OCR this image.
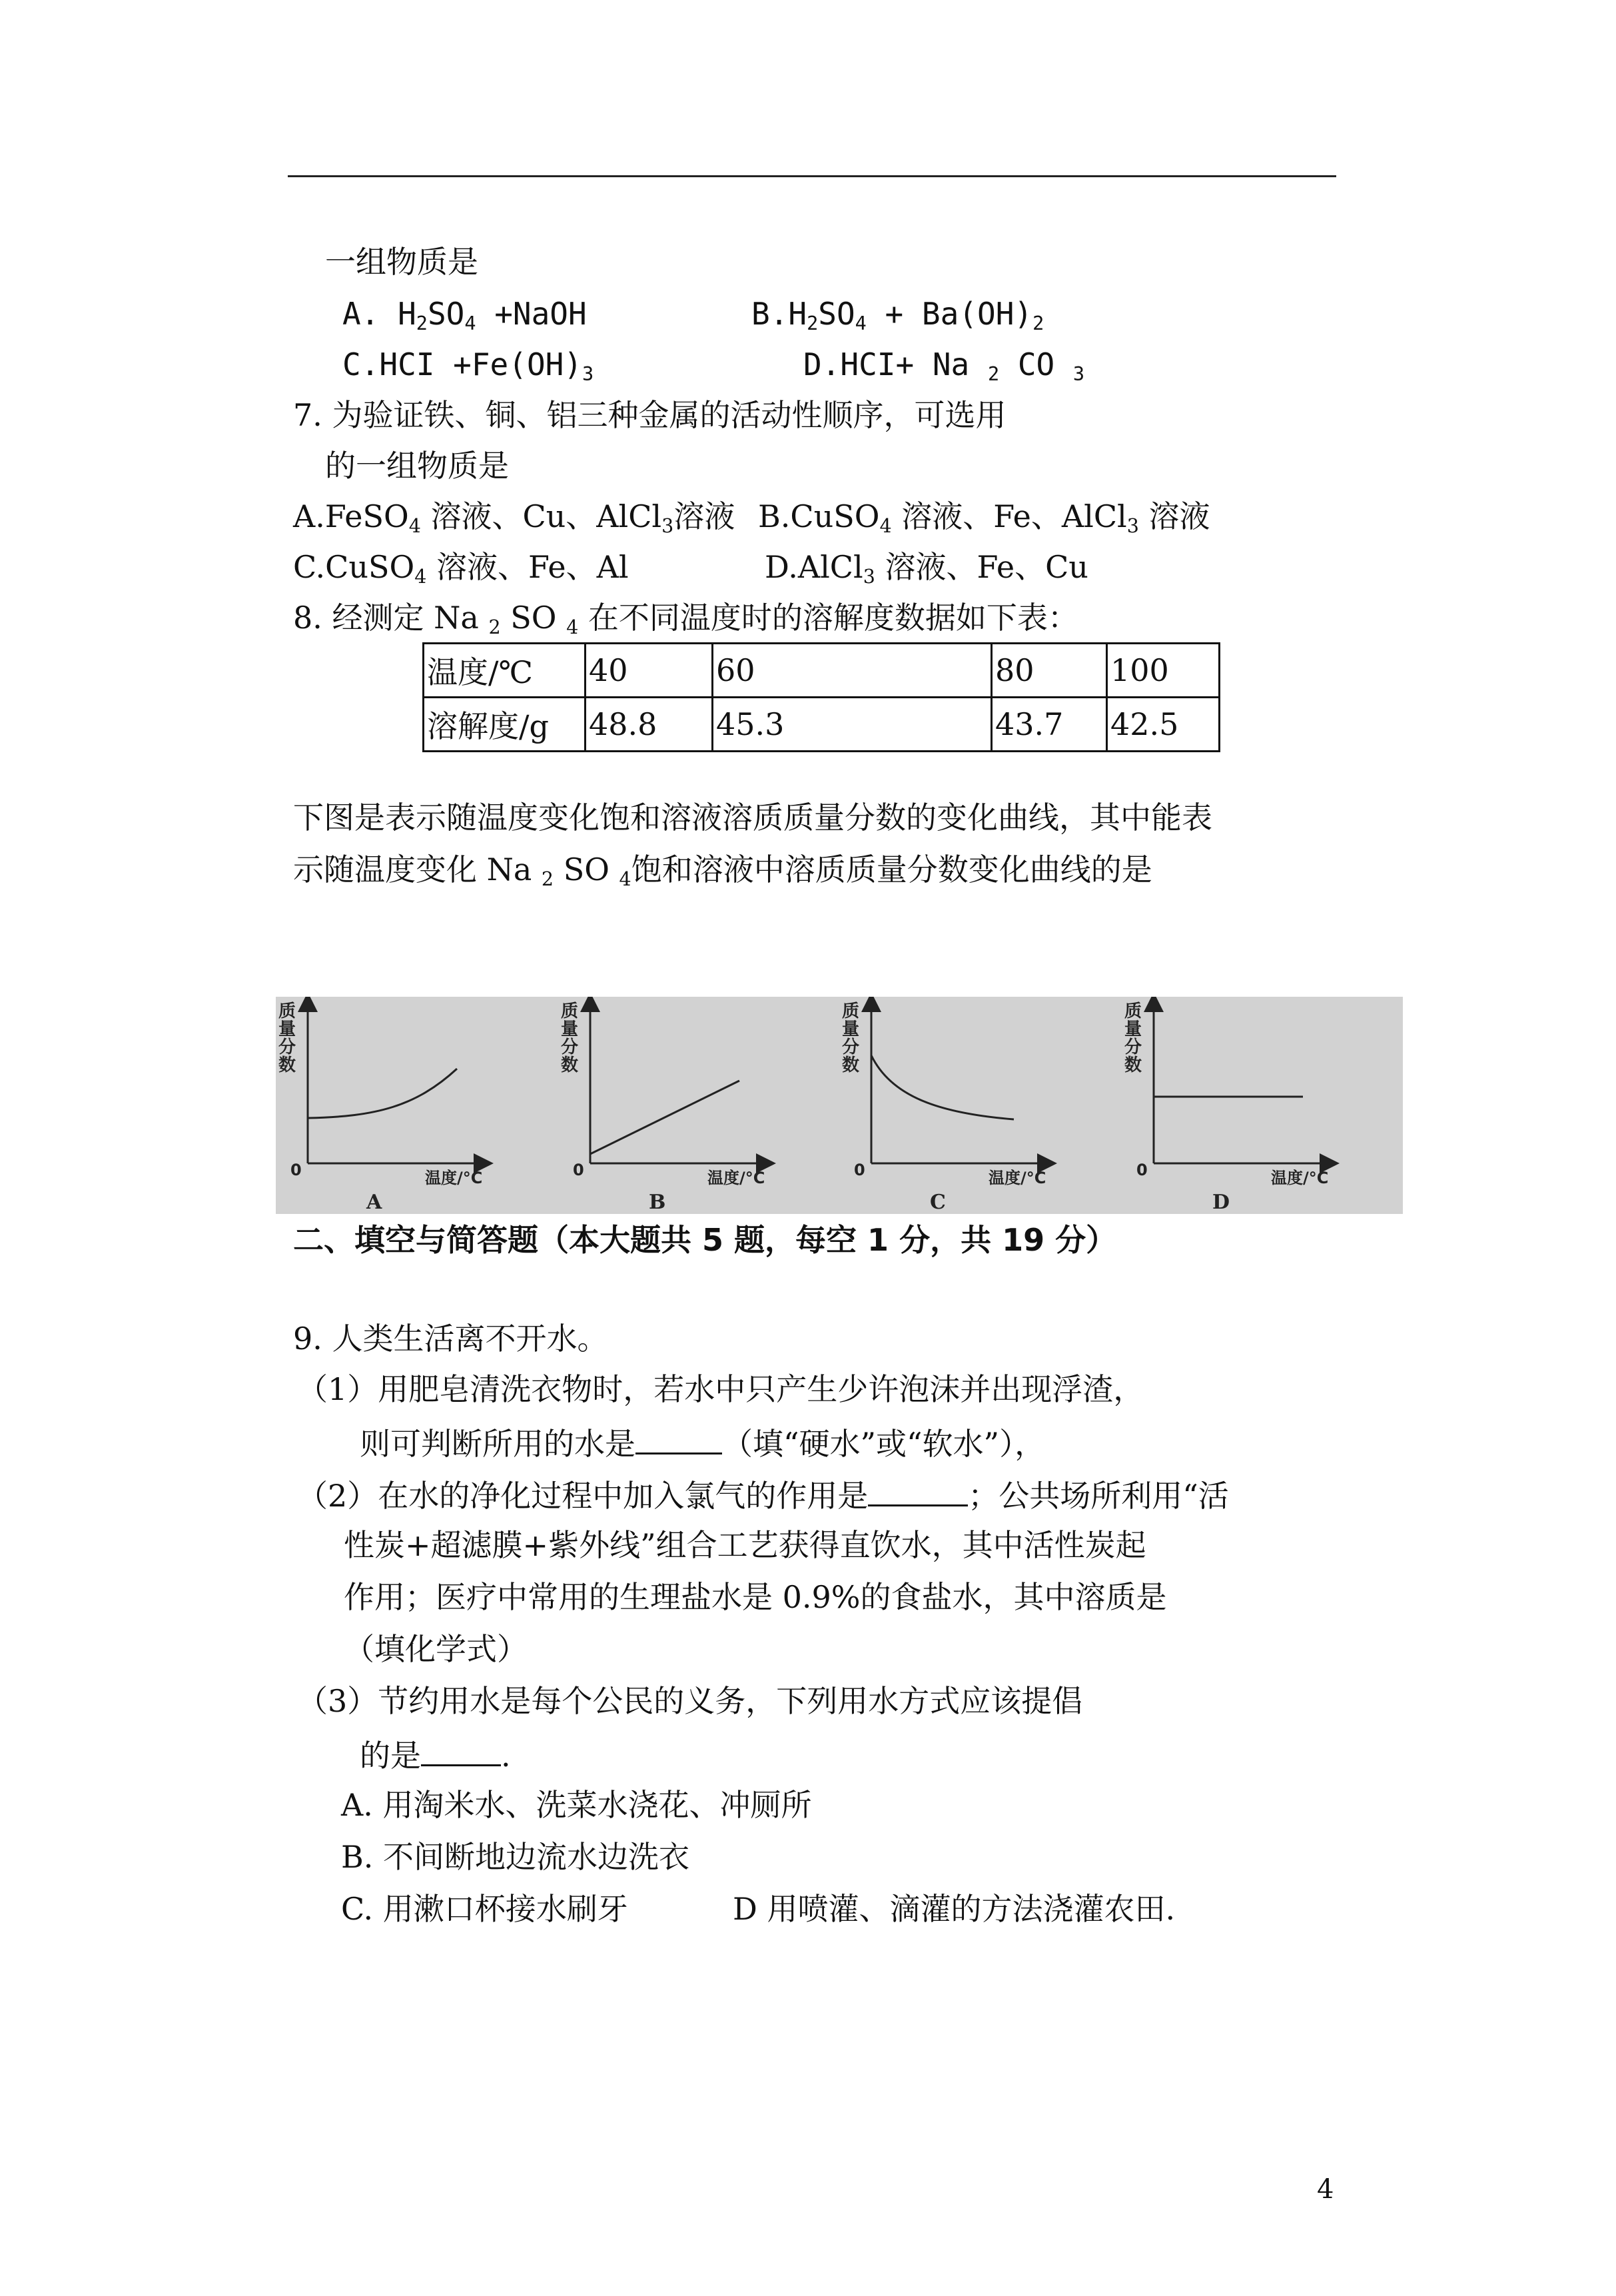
一组物质是
A. $H_2SO_4$ +NaOH	$B.H_2SO_4 + Ba(OH)_2$
$C.HCI +Fe(OH)_3$	D.HCI+ Na 2 CO 3
7. 为验证铁、铜、铝三种金属的活动性顺序，可选用
的一组物质是
A.FeSO$_4$ 溶液、Cu、AlCl$_3$溶液 B.CuSO$_4$ 溶液、Fe、AlCl$_3$ 溶液
C.CuSO$_4$ 溶液、Fe、Al	D.AlCl$_3$ 溶液、Fe、Cu
8. 经测定 Na 2 SO 4 在不同温度时的溶解度数据如下表：
温度/℃	40	60	80	100
溶解度/g	48.8	45.3	43.7	42.5
下图是表示随温度变化饱和溶液溶质质量分数的变化曲线，其中能表
示随温度变化 Na 2 SO 4饱和溶液中溶质质量分数变化曲线的是
质
量
分
数
0	温度/°C
A
质
量
分
数
0	温度/°C
B
质
量
分
数
0	温度/°C
C
质
量
分
数
0	温度/°C
D
二、填空与简答题（本大题共 5 题，每空 1 分，共 19 分）
9. 人类生活离不开水。
（1）用肥皂清洗衣物时，若水中只产生少许泡沫并出现浮渣，
则可判断所用的水是	（填“硬水”或“软水”），
（2）在水的净化过程中加入氯气的作用是	；公共场所利用“活
性炭+超滤膜+紫外线”组合工艺获得直饮水，其中活性炭起
作用；医疗中常用的生理盐水是 0.9%的食盐水，其中溶质是
（填化学式）
（3）节约用水是每个公民的义务，下列用水方式应该提倡
的是	.
A. 用淘米水、洗菜水浇花、冲厕所
B. 不间断地边流水边洗衣
C. 用漱口杯接水刷牙	D 用喷灌、滴灌的方法浇灌农田.
4
